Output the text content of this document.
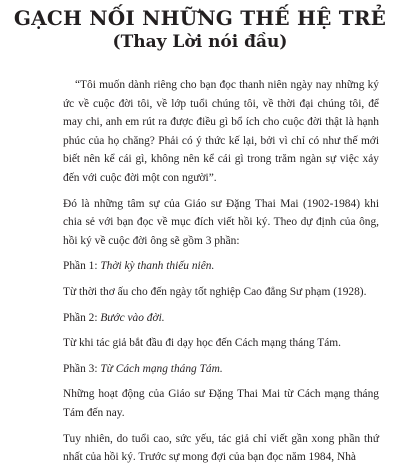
GẠCH NỐI NHỮNG THẾ HỆ TRẺ
(Thay Lời nói đầu)

“Tôi muốn dành riêng cho bạn đọc thanh niên ngày nay những ký ức về cuộc đời tôi, về lớp tuổi chúng tôi, về thời đại chúng tôi, để may chi, anh em rút ra được điều gì bổ ích cho cuộc đời thật là hạnh phúc của họ chăng? Phải có ý thức kế lại, bởi vì chỉ có như thế mới biết nên kể cái gì, không nên kể cái gì trong trăm ngàn sự việc xảy đến với cuộc đời một con người”.

Đó là những tâm sự của Giáo sư Đặng Thai Mai (1902-1984) khi chia sẻ với bạn đọc về mục đích viết hồi ký. Theo dự định của ông, hồi ký về cuộc đời ông sẽ gồm 3 phần:

Phần 1: Thời kỳ thanh thiếu niên.

Từ thời thơ ấu cho đến ngày tốt nghiệp Cao đẳng Sư phạm (1928).

Phần 2: Bước vào đời.

Từ khi tác giả bắt đầu đi dạy học đến Cách mạng tháng Tám.

Phần 3: Từ Cách mạng tháng Tám.

Những hoạt động của Giáo sư Đặng Thai Mai từ Cách mạng tháng Tám đến nay.

Tuy nhiên, do tuổi cao, sức yếu, tác giả chỉ viết gần xong phần thứ nhất của hồi ký. Trước sự mong đợi của bạn đọc năm 1984, Nhà
